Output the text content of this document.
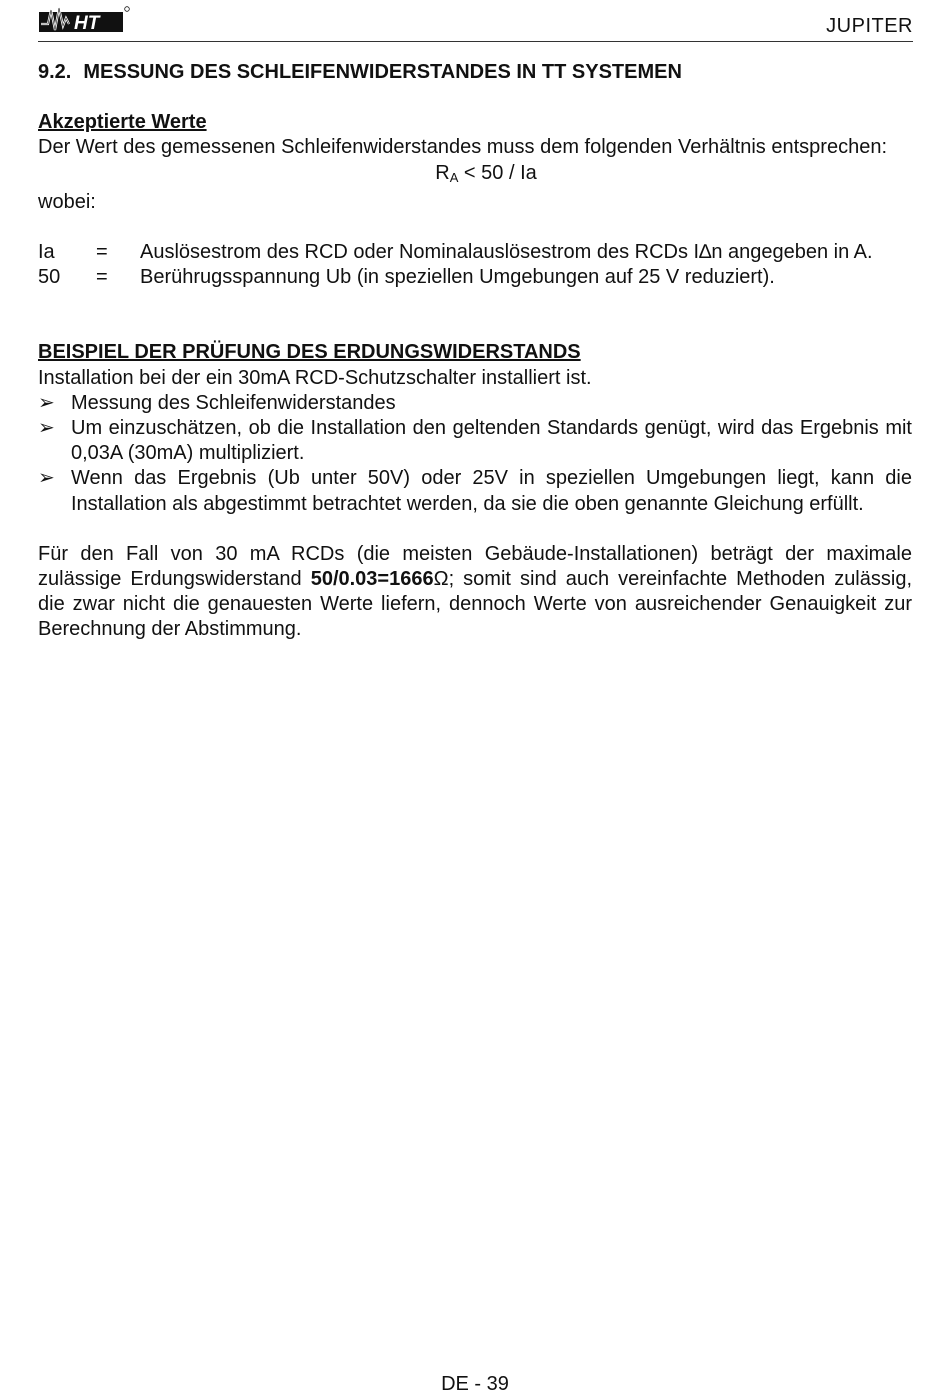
HT	JUPITER

9.2. MESSUNG DES SCHLEIFENWIDERSTANDES IN TT SYSTEMEN

Akzeptierte Werte
Der Wert des gemessenen Schleifenwiderstandes muss dem folgenden Verhältnis entsprechen:
$R_A < 50 / Ia$
wobei:
Ia	=	Auslösestrom des RCD oder Nominalauslösestrom des RCDs I∆n angegeben in A.
50	=	Berührugsspannung Ub (in speziellen Umgebungen auf 25 V reduziert).
BEISPIEL DER PRÜFUNG DES ERDUNGSWIDERSTANDS
Installation bei der ein 30mA RCD-Schutzschalter installiert ist.
➢ Messung des Schleifenwiderstandes
➢ Um einzuschätzen, ob die Installation den geltenden Standards genügt, wird das Ergebnis mit 0,03A (30mA) multipliziert.
➢ Wenn das Ergebnis (Ub unter 50V) oder 25V in speziellen Umgebungen liegt, kann die Installation als abgestimmt betrachtet werden, da sie die oben genannte Gleichung erfüllt.
Für den Fall von 30 mA RCDs (die meisten Gebäude-Installationen) beträgt der maximale zulässige Erdungswiderstand 50/0.03=1666Ω; somit sind auch vereinfachte Methoden zulässig, die zwar nicht die genauesten Werte liefern, dennoch Werte von ausreichender Genauigkeit zur Berechnung der Abstimmung.
DE - 39
